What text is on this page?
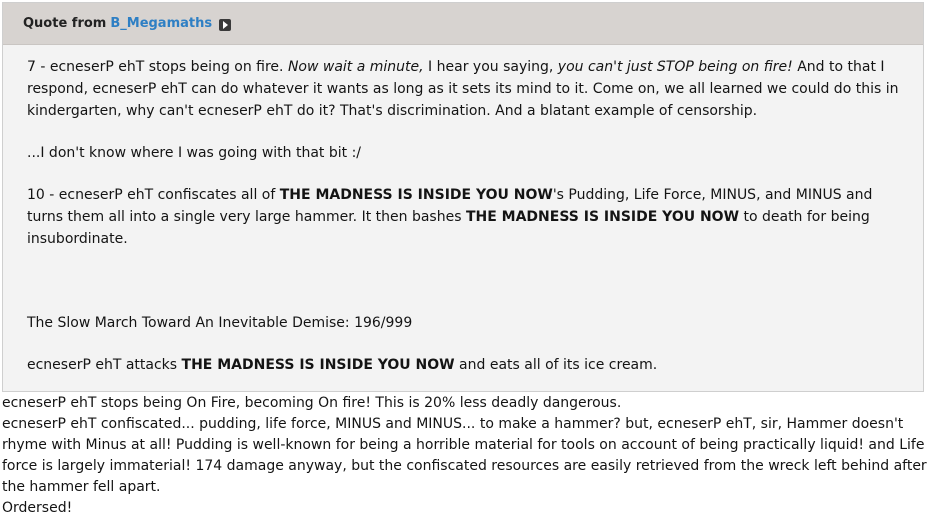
Quote from B_Megamaths

7 - ecneserP ehT stops being on fire. Now wait a minute, I hear you saying, you can't just STOP being on fire! And to that I respond, ecneserP ehT can do whatever it wants as long as it sets its mind to it. Come on, we all learned we could do this in kindergarten, why can't ecneserP ehT do it? That's discrimination. And a blatant example of censorship.

...I don't know where I was going with that bit :/

10 - ecneserP ehT confiscates all of THE MADNESS IS INSIDE YOU NOW's Pudding, Life Force, MINUS, and MINUS and turns them all into a single very large hammer. It then bashes THE MADNESS IS INSIDE YOU NOW to death for being insubordinate.

The Slow March Toward An Inevitable Demise: 196/999

ecneserP ehT attacks THE MADNESS IS INSIDE YOU NOW and eats all of its ice cream.

ecneserP ehT stops being On Fire, becoming On fire! This is 20% less deadly dangerous.

ecneserP ehT confiscated... pudding, life force, MINUS and MINUS... to make a hammer? but, ecneserP ehT, sir, Hammer doesn't rhyme with Minus at all! Pudding is well-known for being a horrible material for tools on account of being practically liquid! and Life force is largely immaterial! 174 damage anyway, but the confiscated resources are easily retrieved from the wreck left behind after the hammer fell apart.

Ordersed!
